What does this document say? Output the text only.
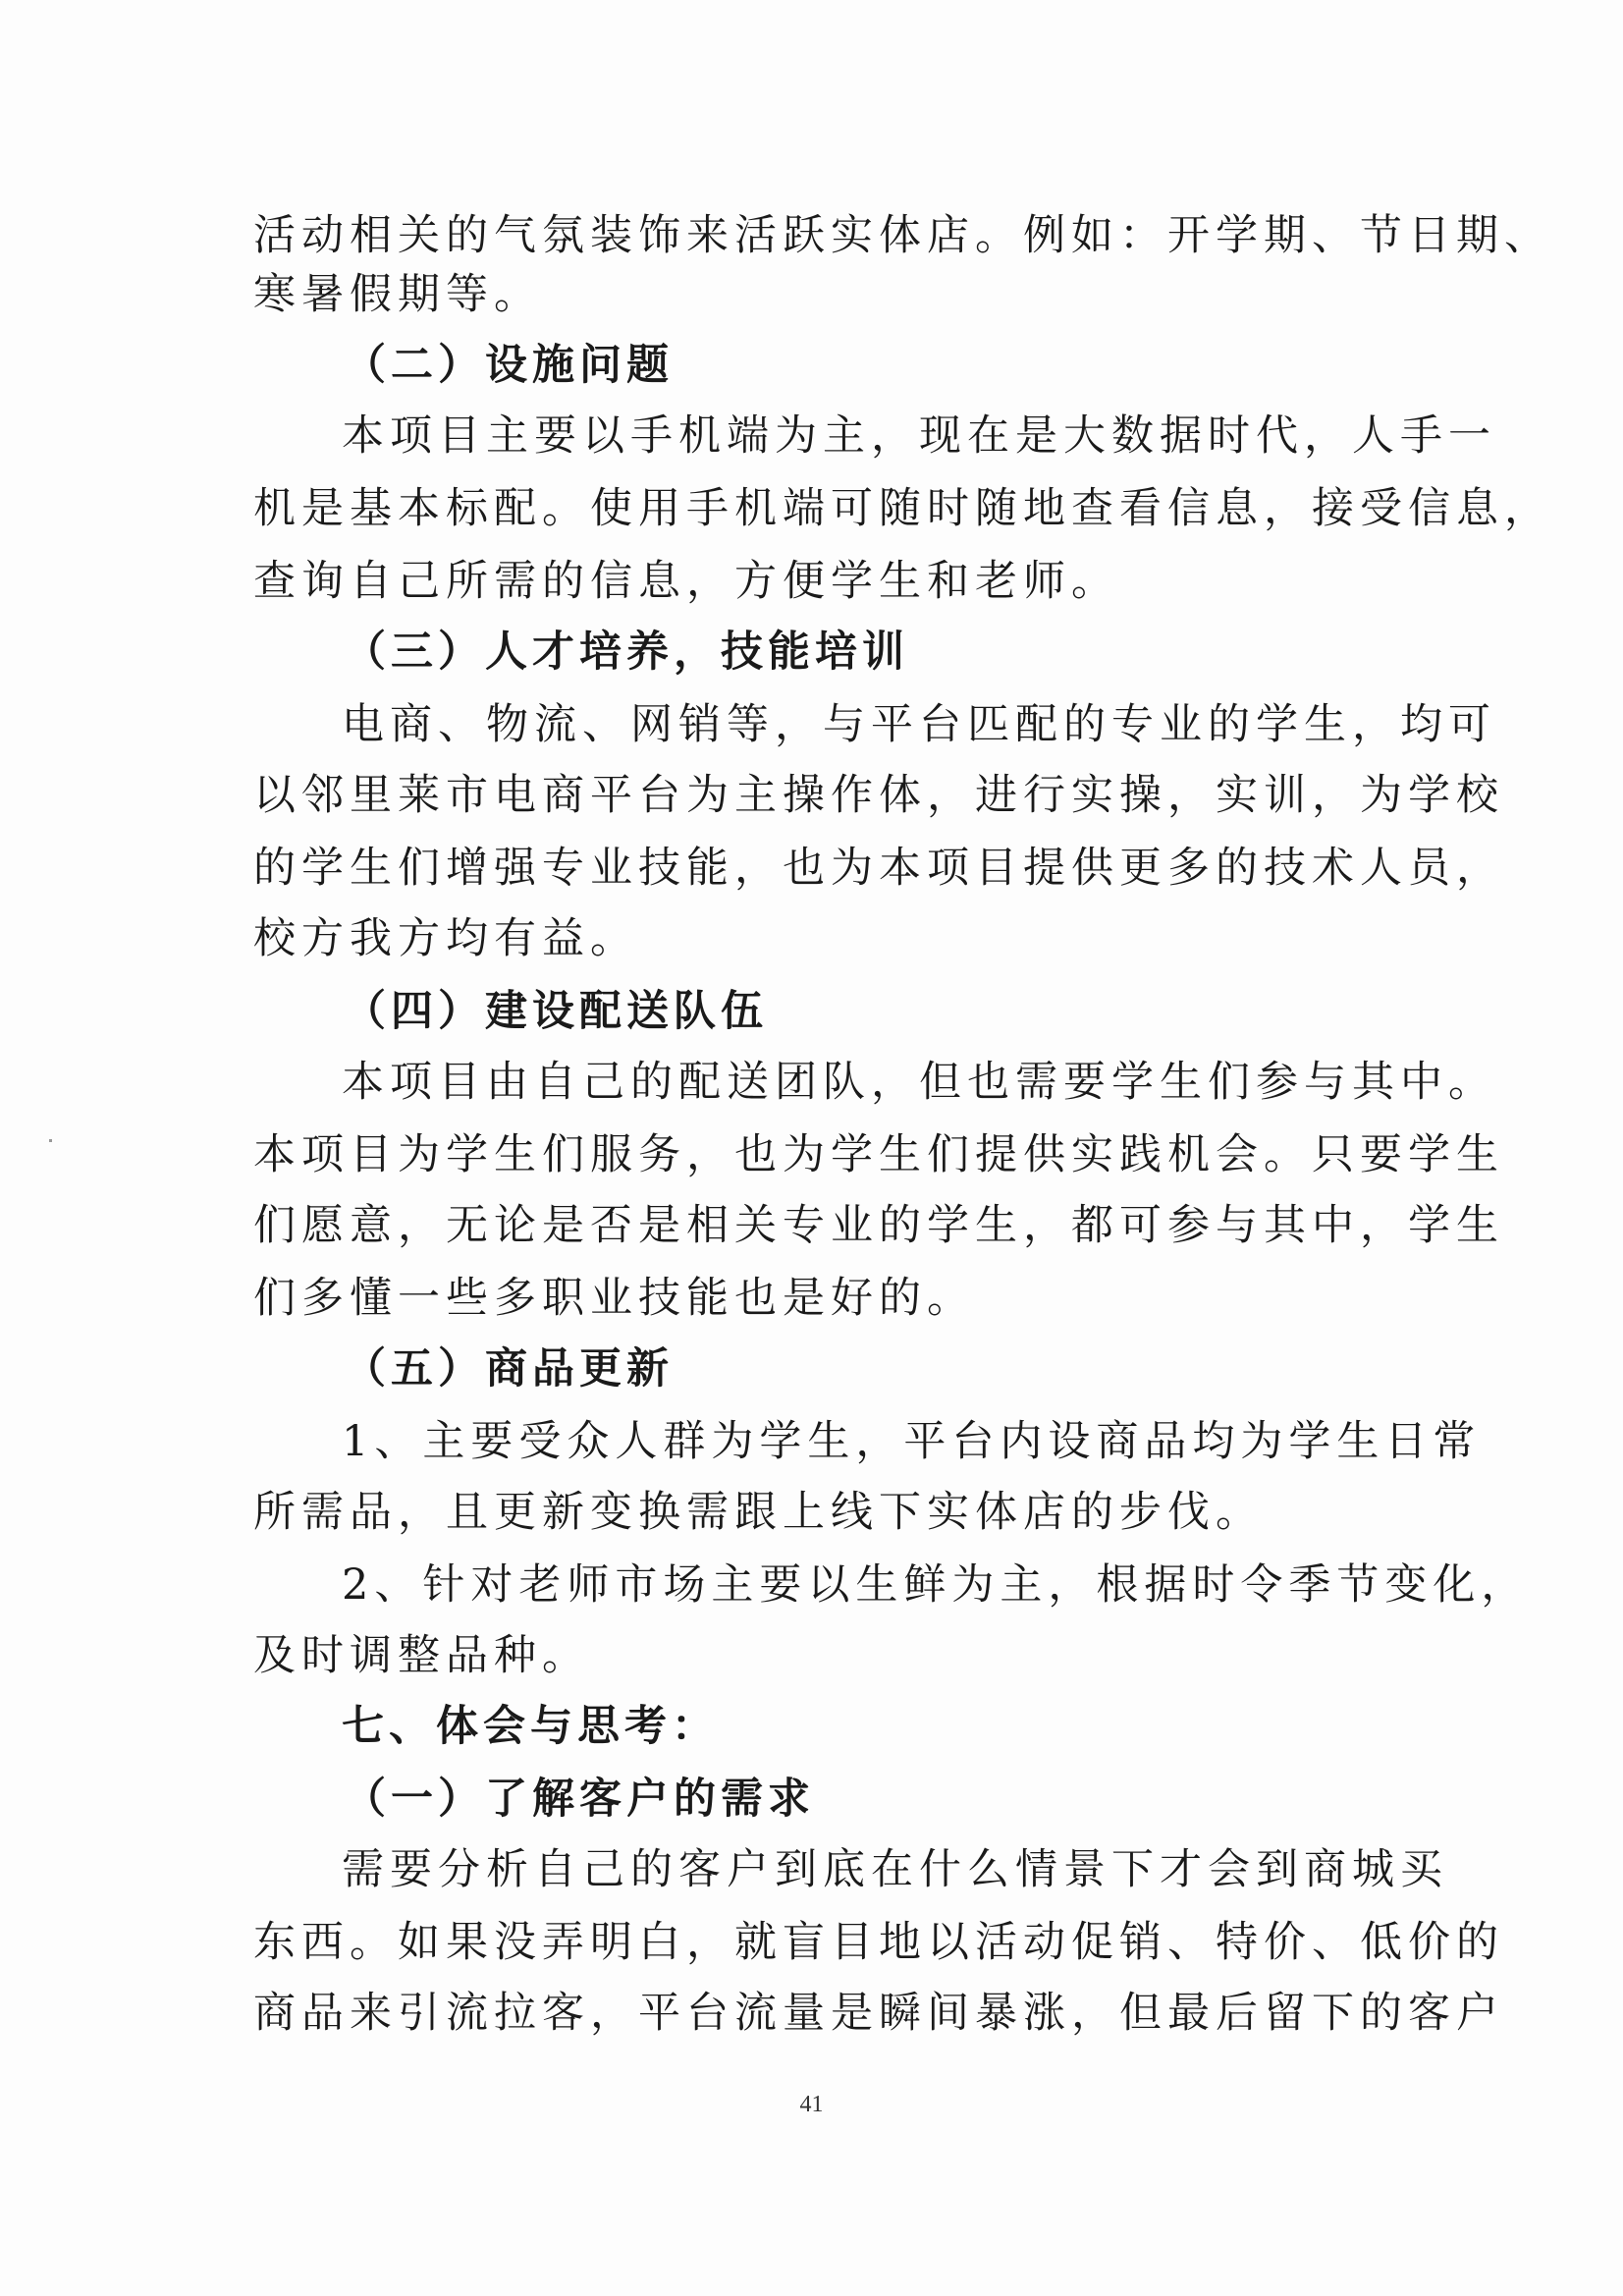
活动相关的气氛装饰来活跃实体店。例如：开学期、节日期、
寒暑假期等。
（二）设施问题
本项目主要以手机端为主，现在是大数据时代，人手一
机是基本标配。使用手机端可随时随地查看信息，接受信息，
查询自己所需的信息，方便学生和老师。
（三）人才培养，技能培训
电商、物流、网销等，与平台匹配的专业的学生，均可
以邻里莱市电商平台为主操作体，进行实操，实训，为学校
的学生们增强专业技能，也为本项目提供更多的技术人员，
校方我方均有益。
（四）建设配送队伍
本项目由自己的配送团队，但也需要学生们参与其中。
本项目为学生们服务，也为学生们提供实践机会。只要学生
们愿意，无论是否是相关专业的学生，都可参与其中，学生
们多懂一些多职业技能也是好的。
（五）商品更新
1、主要受众人群为学生，平台内设商品均为学生日常
所需品，且更新变换需跟上线下实体店的步伐。
2、针对老师市场主要以生鲜为主，根据时令季节变化，
及时调整品种。
七、体会与思考：
（一）了解客户的需求
需要分析自己的客户到底在什么情景下才会到商城买
东西。如果没弄明白，就盲目地以活动促销、特价、低价的
商品来引流拉客，平台流量是瞬间暴涨，但最后留下的客户
41
